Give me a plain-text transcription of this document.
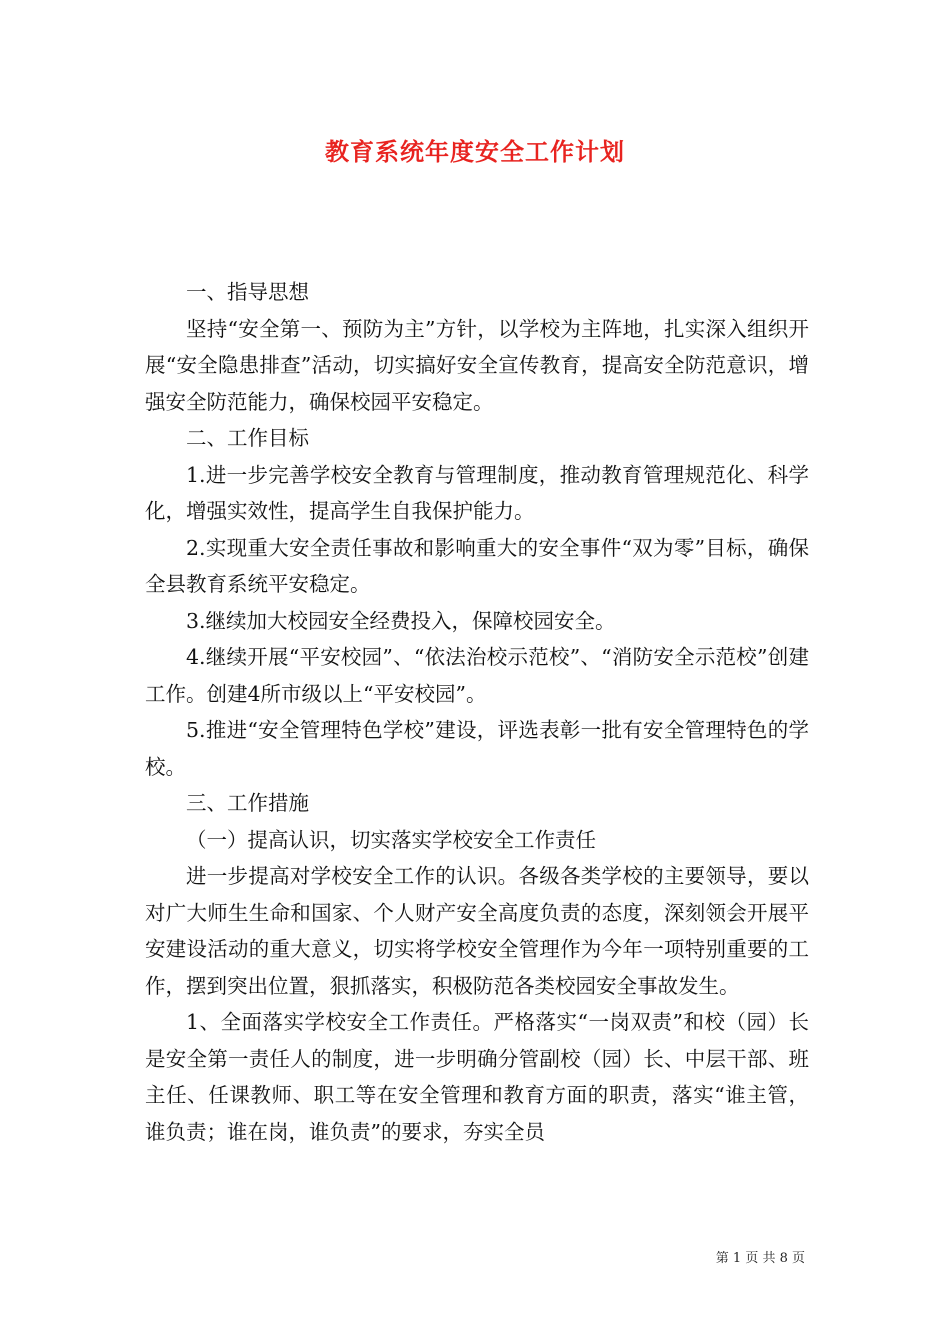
教育系统年度安全工作计划

一、指导思想

坚持“安全第一、预防为主”方针，以学校为主阵地，扎实深入组织开展“安全隐患排查”活动，切实搞好安全宣传教育，提高安全防范意识，增强安全防范能力，确保校园平安稳定。

二、工作目标

1.进一步完善学校安全教育与管理制度，推动教育管理规范化、科学化，增强实效性，提高学生自我保护能力。

2.实现重大安全责任事故和影响重大的安全事件“双为零”目标，确保全县教育系统平安稳定。

3.继续加大校园安全经费投入，保障校园安全。

4.继续开展“平安校园”、“依法治校示范校”、“消防安全示范校”创建工作。创建4所市级以上“平安校园”。

5.推进“安全管理特色学校”建设，评选表彰一批有安全管理特色的学校。

三、工作措施

（一）提高认识，切实落实学校安全工作责任

进一步提高对学校安全工作的认识。各级各类学校的主要领导，要以对广大师生生命和国家、个人财产安全高度负责的态度，深刻领会开展平安建设活动的重大意义，切实将学校安全管理作为今年一项特别重要的工作，摆到突出位置，狠抓落实，积极防范各类校园安全事故发生。

1、全面落实学校安全工作责任。严格落实“一岗双责”和校（园）长是安全第一责任人的制度，进一步明确分管副校（园）长、中层干部、班主任、任课教师、职工等在安全管理和教育方面的职责，落实“谁主管，谁负责；谁在岗，谁负责”的要求，夯实全员

第 1 页 共 8 页
